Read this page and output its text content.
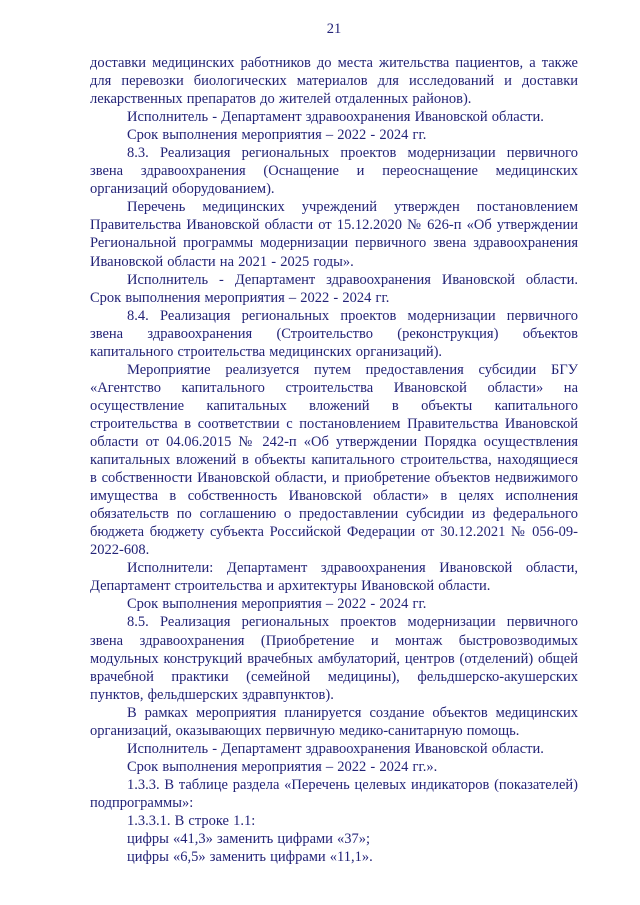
21

доставки медицинских работников до места жительства пациентов, а также для перевозки биологических материалов для исследований и доставки лекарственных препаратов до жителей отдаленных районов).

Исполнитель - Департамент здравоохранения Ивановской области.

Срок выполнения мероприятия – 2022 - 2024 гг.

8.3. Реализация региональных проектов модернизации первичного звена здравоохранения (Оснащение и переоснащение медицинских организаций оборудованием).

Перечень медицинских учреждений утвержден постановлением Правительства Ивановской области от 15.12.2020 № 626-п «Об утверждении Региональной программы модернизации первичного звена здравоохранения Ивановской области на 2021 - 2025 годы».

Исполнитель - Департамент здравоохранения Ивановской области. Срок выполнения мероприятия – 2022 - 2024 гг.

8.4. Реализация региональных проектов модернизации первичного звена здравоохранения (Строительство (реконструкция) объектов капитального строительства медицинских организаций).

Мероприятие реализуется путем предоставления субсидии БГУ «Агентство капитального строительства Ивановской области» на осуществление капитальных вложений в объекты капитального строительства в соответствии с постановлением Правительства Ивановской области от 04.06.2015 № 242-п «Об утверждении Порядка осуществления капитальных вложений в объекты капитального строительства, находящиеся в собственности Ивановской области, и приобретение объектов недвижимого имущества в собственность Ивановской области» в целях исполнения обязательств по соглашению о предоставлении субсидии из федерального бюджета бюджету субъекта Российской Федерации от 30.12.2021 № 056-09-2022-608.

Исполнители: Департамент здравоохранения Ивановской области, Департамент строительства и архитектуры Ивановской области.

Срок выполнения мероприятия – 2022 - 2024 гг.

8.5. Реализация региональных проектов модернизации первичного звена здравоохранения (Приобретение и монтаж быстровозводимых модульных конструкций врачебных амбулаторий, центров (отделений) общей врачебной практики (семейной медицины), фельдшерско-акушерских пунктов, фельдшерских здравпунктов).

В рамках мероприятия планируется создание объектов медицинских организаций, оказывающих первичную медико-санитарную помощь.

Исполнитель - Департамент здравоохранения Ивановской области.

Срок выполнения мероприятия – 2022 - 2024 гг.».

1.3.3. В таблице раздела «Перечень целевых индикаторов (показателей) подпрограммы»:

1.3.3.1. В строке 1.1:

цифры «41,3» заменить цифрами «37»;

цифры «6,5» заменить цифрами «11,1».
